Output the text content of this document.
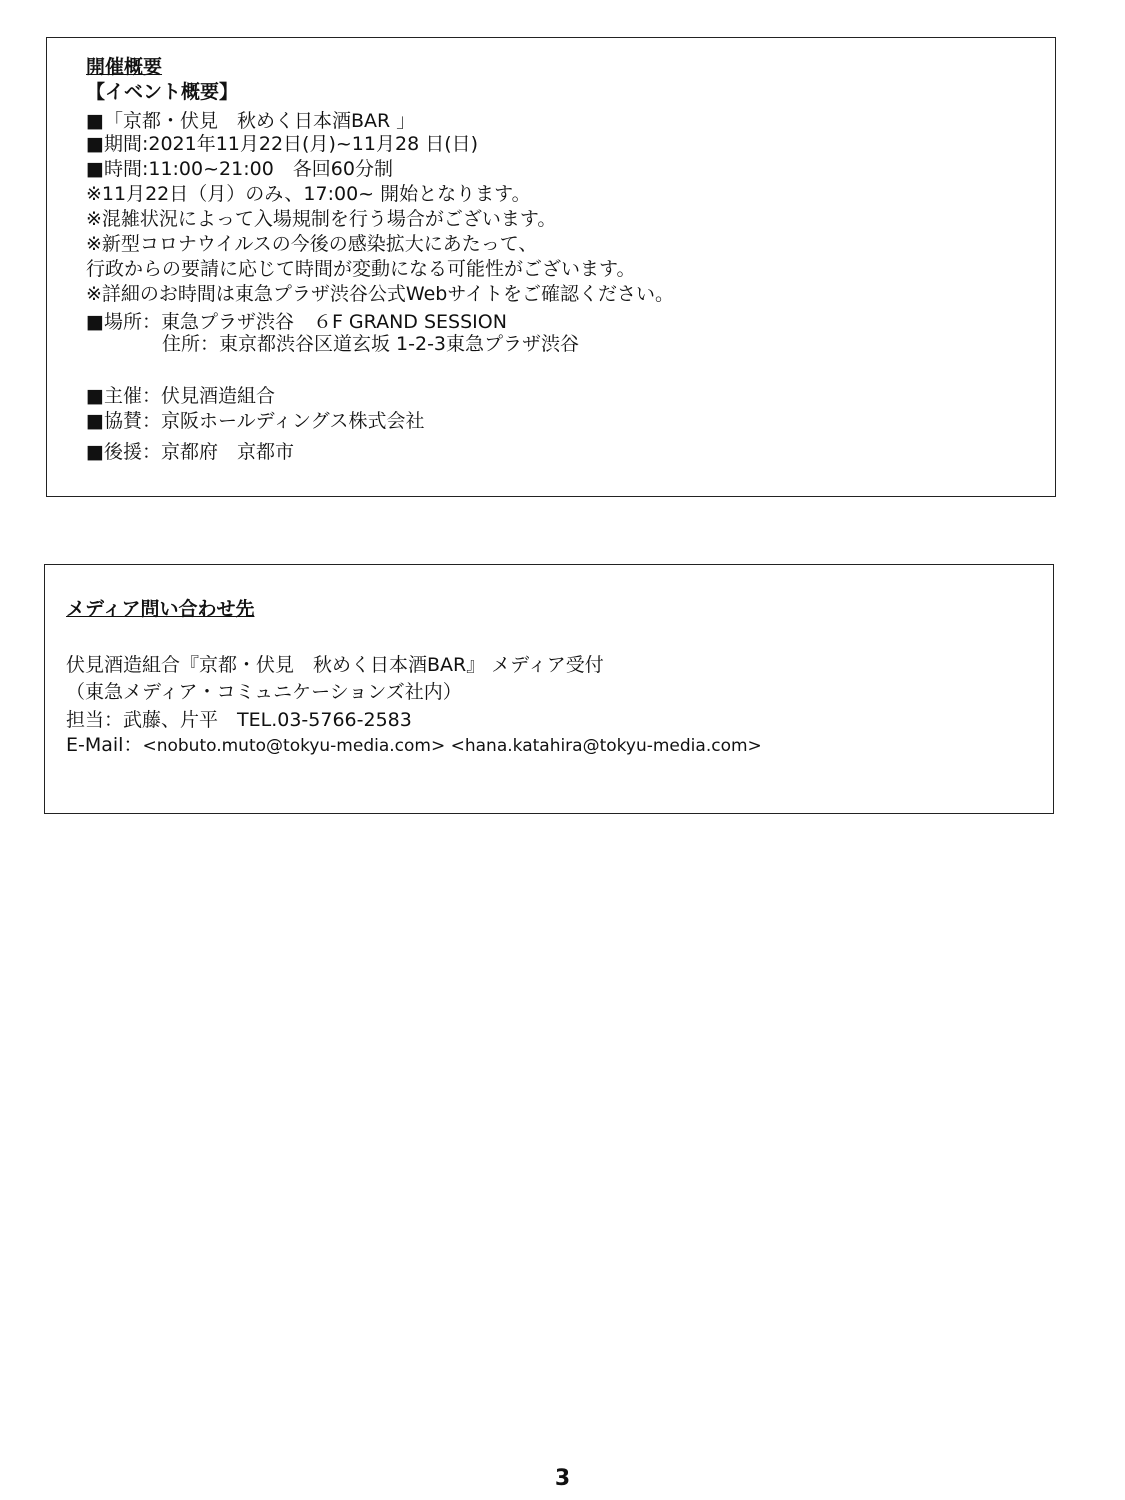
開催概要
【イベント概要】
■「京都・伏見　秋めく日本酒BAR 」
■期間:2021年11月22日(月)~11月28 日(日)
■時間:11:00~21:00　各回60分制
※11月22日（月）のみ、17:00~ 開始となります。
※混雑状況によって入場規制を行う場合がございます。
※新型コロナウイルスの今後の感染拡大にあたって、
行政からの要請に応じて時間が変動になる可能性がございます。
※詳細のお時間は東急プラザ渋谷公式Webサイトをご確認ください。
■場所：東急プラザ渋谷　６F GRAND SESSION
住所：東京都渋谷区道玄坂 1-2-3東急プラザ渋谷
■主催：伏見酒造組合
■協賛：京阪ホールディングス株式会社
■後援：京都府　京都市
メディア問い合わせ先
伏見酒造組合『京都・伏見　秋めく日本酒BAR』 メディア受付
（東急メディア・コミュニケーションズ社内）
担当：武藤、片平　TEL.03-5766-2583
E-Mail：<nobuto.muto@tokyu-media.com> <hana.katahira@tokyu-media.com>
3
